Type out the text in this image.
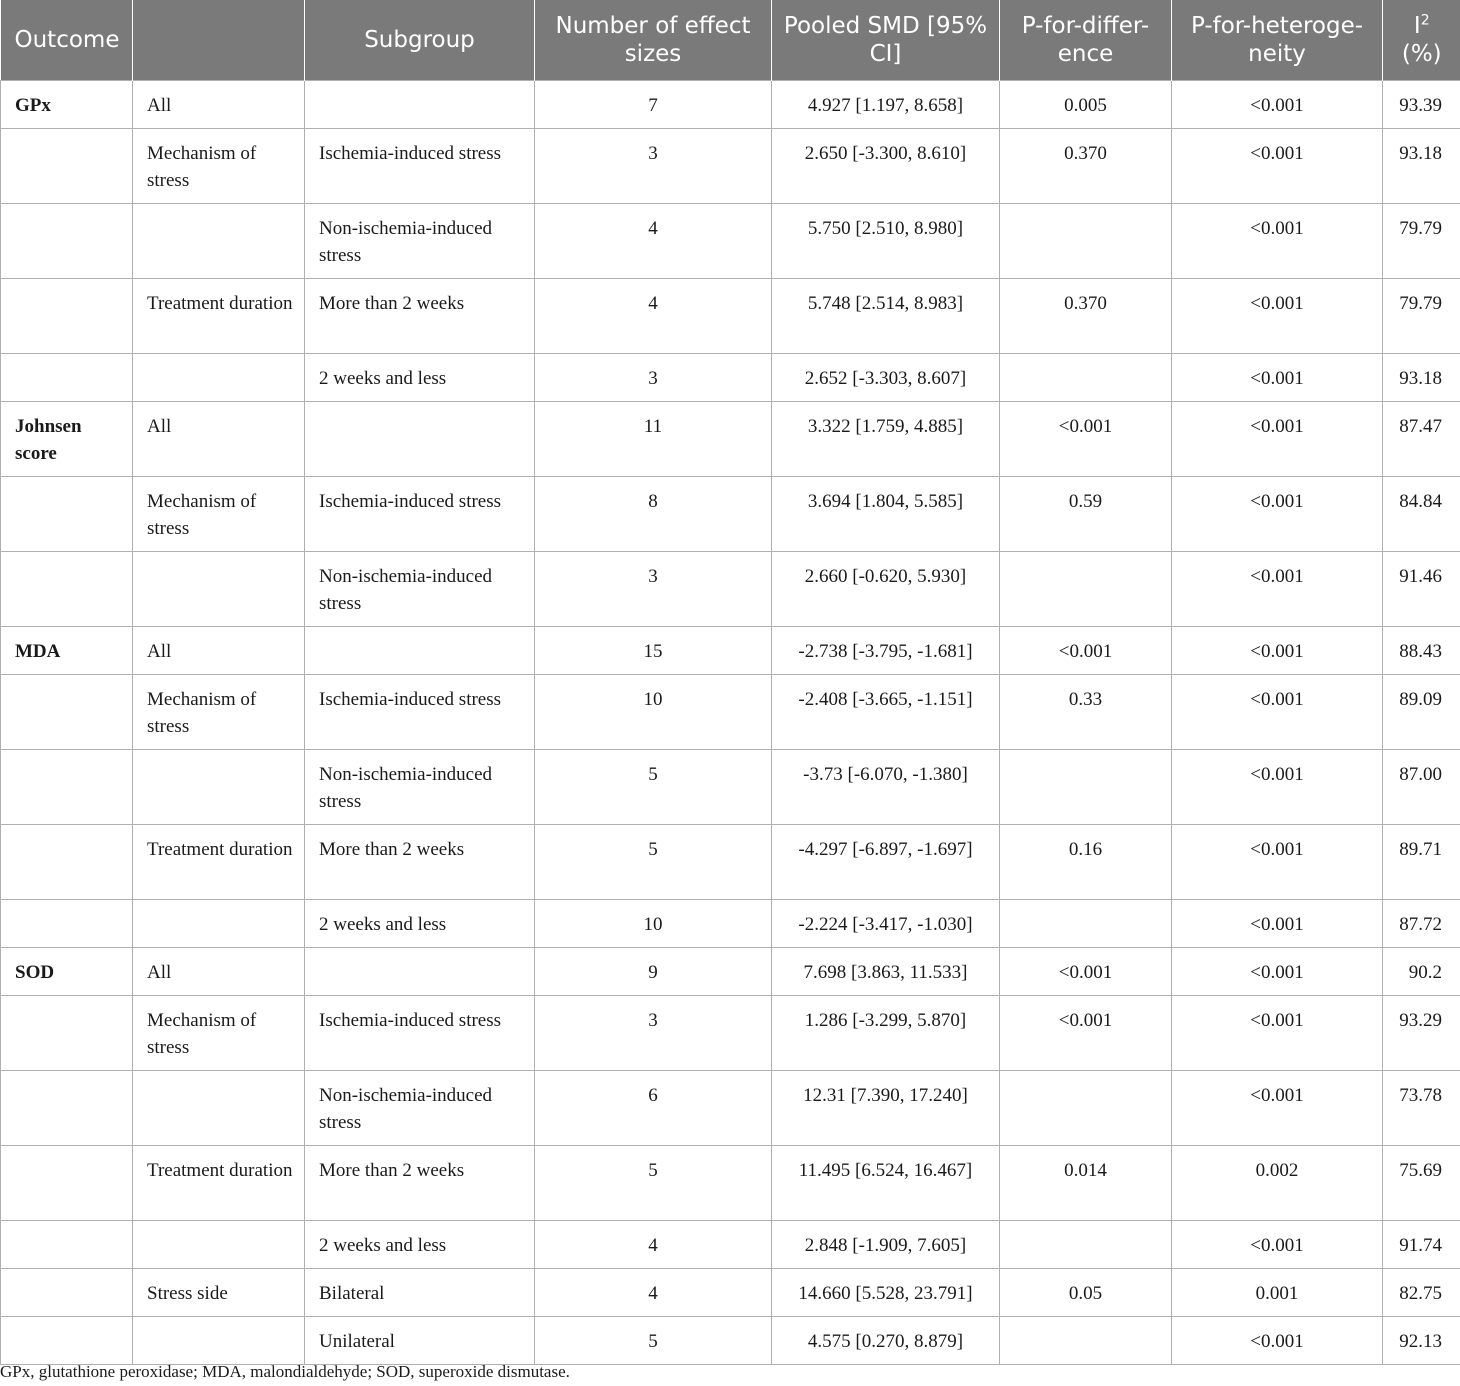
Outcome		Subgroup	Number of effect sizes	Pooled SMD [95% CI]	P-for-differ-ence	P-for-heteroge-neity	$I^2$
(%)
GPx	All		7	4.927 [1.197, 8.658]	0.005	<0.001	93.39
	Mechanism of stress	Ischemia-induced stress	3	2.650 [-3.300, 8.610]	0.370	<0.001	93.18
		Non-ischemia-induced stress	4	5.750 [2.510, 8.980]		<0.001	79.79
	Treatment duration	More than 2 weeks	4	5.748 [2.514, 8.983]	0.370	<0.001	79.79
		2 weeks and less	3	2.652 [-3.303, 8.607]		<0.001	93.18
Johnsen score	All		11	3.322 [1.759, 4.885]	<0.001	<0.001	87.47
	Mechanism of stress	Ischemia-induced stress	8	3.694 [1.804, 5.585]	0.59	<0.001	84.84
		Non-ischemia-induced stress	3	2.660 [-0.620, 5.930]		<0.001	91.46
MDA	All		15	-2.738 [-3.795, -1.681]	<0.001	<0.001	88.43
	Mechanism of stress	Ischemia-induced stress	10	-2.408 [-3.665, -1.151]	0.33	<0.001	89.09
		Non-ischemia-induced stress	5	-3.73 [-6.070, -1.380]		<0.001	87.00
	Treatment duration	More than 2 weeks	5	-4.297 [-6.897, -1.697]	0.16	<0.001	89.71
		2 weeks and less	10	-2.224 [-3.417, -1.030]		<0.001	87.72
SOD	All		9	7.698 [3.863, 11.533]	<0.001	<0.001	90.2
	Mechanism of stress	Ischemia-induced stress	3	1.286 [-3.299, 5.870]	<0.001	<0.001	93.29
		Non-ischemia-induced stress	6	12.31 [7.390, 17.240]		<0.001	73.78
	Treatment duration	More than 2 weeks	5	11.495 [6.524, 16.467]	0.014	0.002	75.69
		2 weeks and less	4	2.848 [-1.909, 7.605]		<0.001	91.74
	Stress side	Bilateral	4	14.660 [5.528, 23.791]	0.05	0.001	82.75
		Unilateral	5	4.575 [0.270, 8.879]		<0.001	92.13
GPx, glutathione peroxidase; MDA, malondialdehyde; SOD, superoxide dismutase.
